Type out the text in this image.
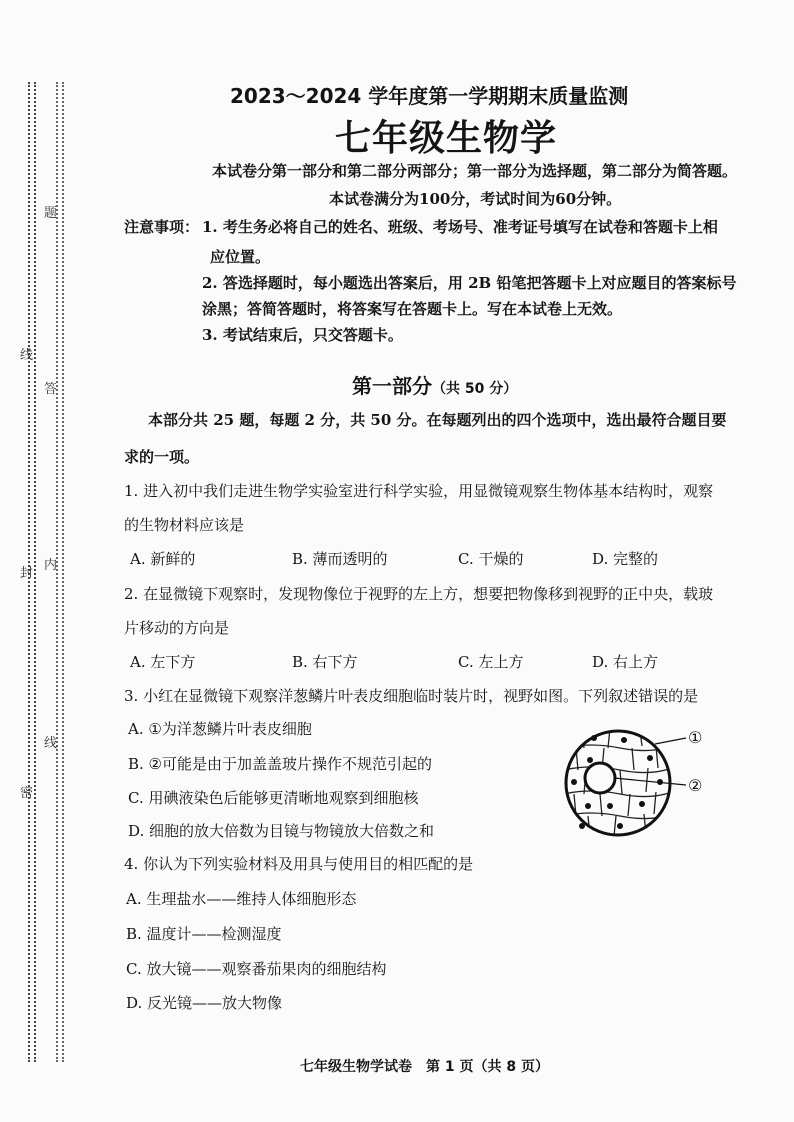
题
线
答
封
内
密
线
2023～2024 学年度第一学期期末质量监测
七年级生物学
本试卷分第一部分和第二部分两部分；第一部分为选择题，第二部分为简答题。
本试卷满分为100分，考试时间为60分钟。
注意事项： 1. 考生务必将自己的姓名、班级、考场号、准考证号填写在试卷和答题卡上相
应位置。
2. 答选择题时，每小题选出答案后，用 2B 铅笔把答题卡上对应题目的答案标号
涂黑；答简答题时，将答案写在答题卡上。写在本试卷上无效。
3. 考试结束后，只交答题卡。
第一部分（共 50 分）
本部分共 25 题，每题 2 分，共 50 分。在每题列出的四个选项中，选出最符合题目要
求的一项。
1. 进入初中我们走进生物学实验室进行科学实验，用显微镜观察生物体基本结构时，观察
的生物材料应该是
A. 新鲜的	B. 薄而透明的	C. 干燥的	D. 完整的
2. 在显微镜下观察时，发现物像位于视野的左上方，想要把物像移到视野的正中央，载玻
片移动的方向是
A. 左下方	B. 右下方	C. 左上方	D. 右上方
3. 小红在显微镜下观察洋葱鳞片叶表皮细胞临时装片时，视野如图。下列叙述错误的是
A. ①为洋葱鳞片叶表皮细胞
B. ②可能是由于加盖盖玻片操作不规范引起的
C. 用碘液染色后能够更清晰地观察到细胞核
D. 细胞的放大倍数为目镜与物镜放大倍数之和
①
②
4. 你认为下列实验材料及用具与使用目的相匹配的是
A. 生理盐水——维持人体细胞形态
B. 温度计——检测湿度
C. 放大镜——观察番茄果肉的细胞结构
D. 反光镜——放大物像
七年级生物学试卷　第 1 页（共 8 页）
